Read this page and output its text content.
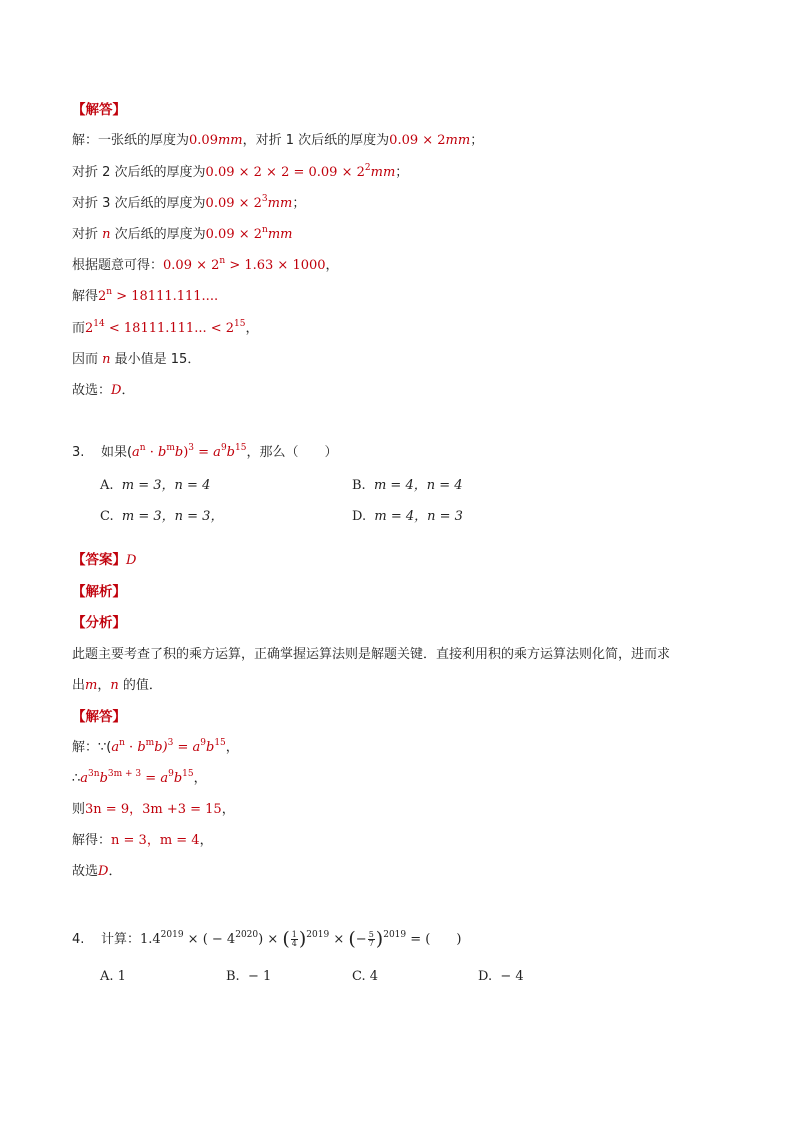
【解答】
解：一张纸的厚度为0.09mm，对折 1 次后纸的厚度为0.09 × 2mm；
对折 2 次后纸的厚度为$0.09 \times 2 \times 2 = 0.09 \times 2^2mm$；
对折 3 次后纸的厚度为$0.09 \times 2^3mm$；
对折 n 次后纸的厚度为$0.09 \times 2^nmm$
根据题意可得：$0.09 \times 2^n > 1.63 \times 1000$，
解得$2^n > 18111.111$....
而$2^{14} < 18111.111$... < $2^{15}$，
因而 n 最小值是 15．
故选：D．
3. 如果$(a^n \cdot b^mb)^3 = a^9b^{15}$，那么（　　）
A. m = 3，n = 4	B. m = 4，n = 4
C. m = 3，n = 3，	D. m = 4，n = 3
【答案】D
【解析】
【分析】
此题主要考查了积的乘方运算，正确掌握运算法则是解题关键．直接利用积的乘方运算法则化简，进而求
出m，n 的值．
【解答】
解：$\because(a^n \cdot b^mb)^3 = a^9b^{15}$，
$\therefore a^{3n}b^{3m + 3} = a^9b^{15}$，
则3n = 9，3m +3 = 15，
解得：n = 3，m = 4，
故选D．
4. 计算：$1.4^{2019}$ × ( − $4^{2020}$) × ( $\frac{1}{4} )^{2019}$ × (− $\frac{5}{7} )^{2019}$ = (　　)
A. 1	B. − 1	C. 4	D. − 4
